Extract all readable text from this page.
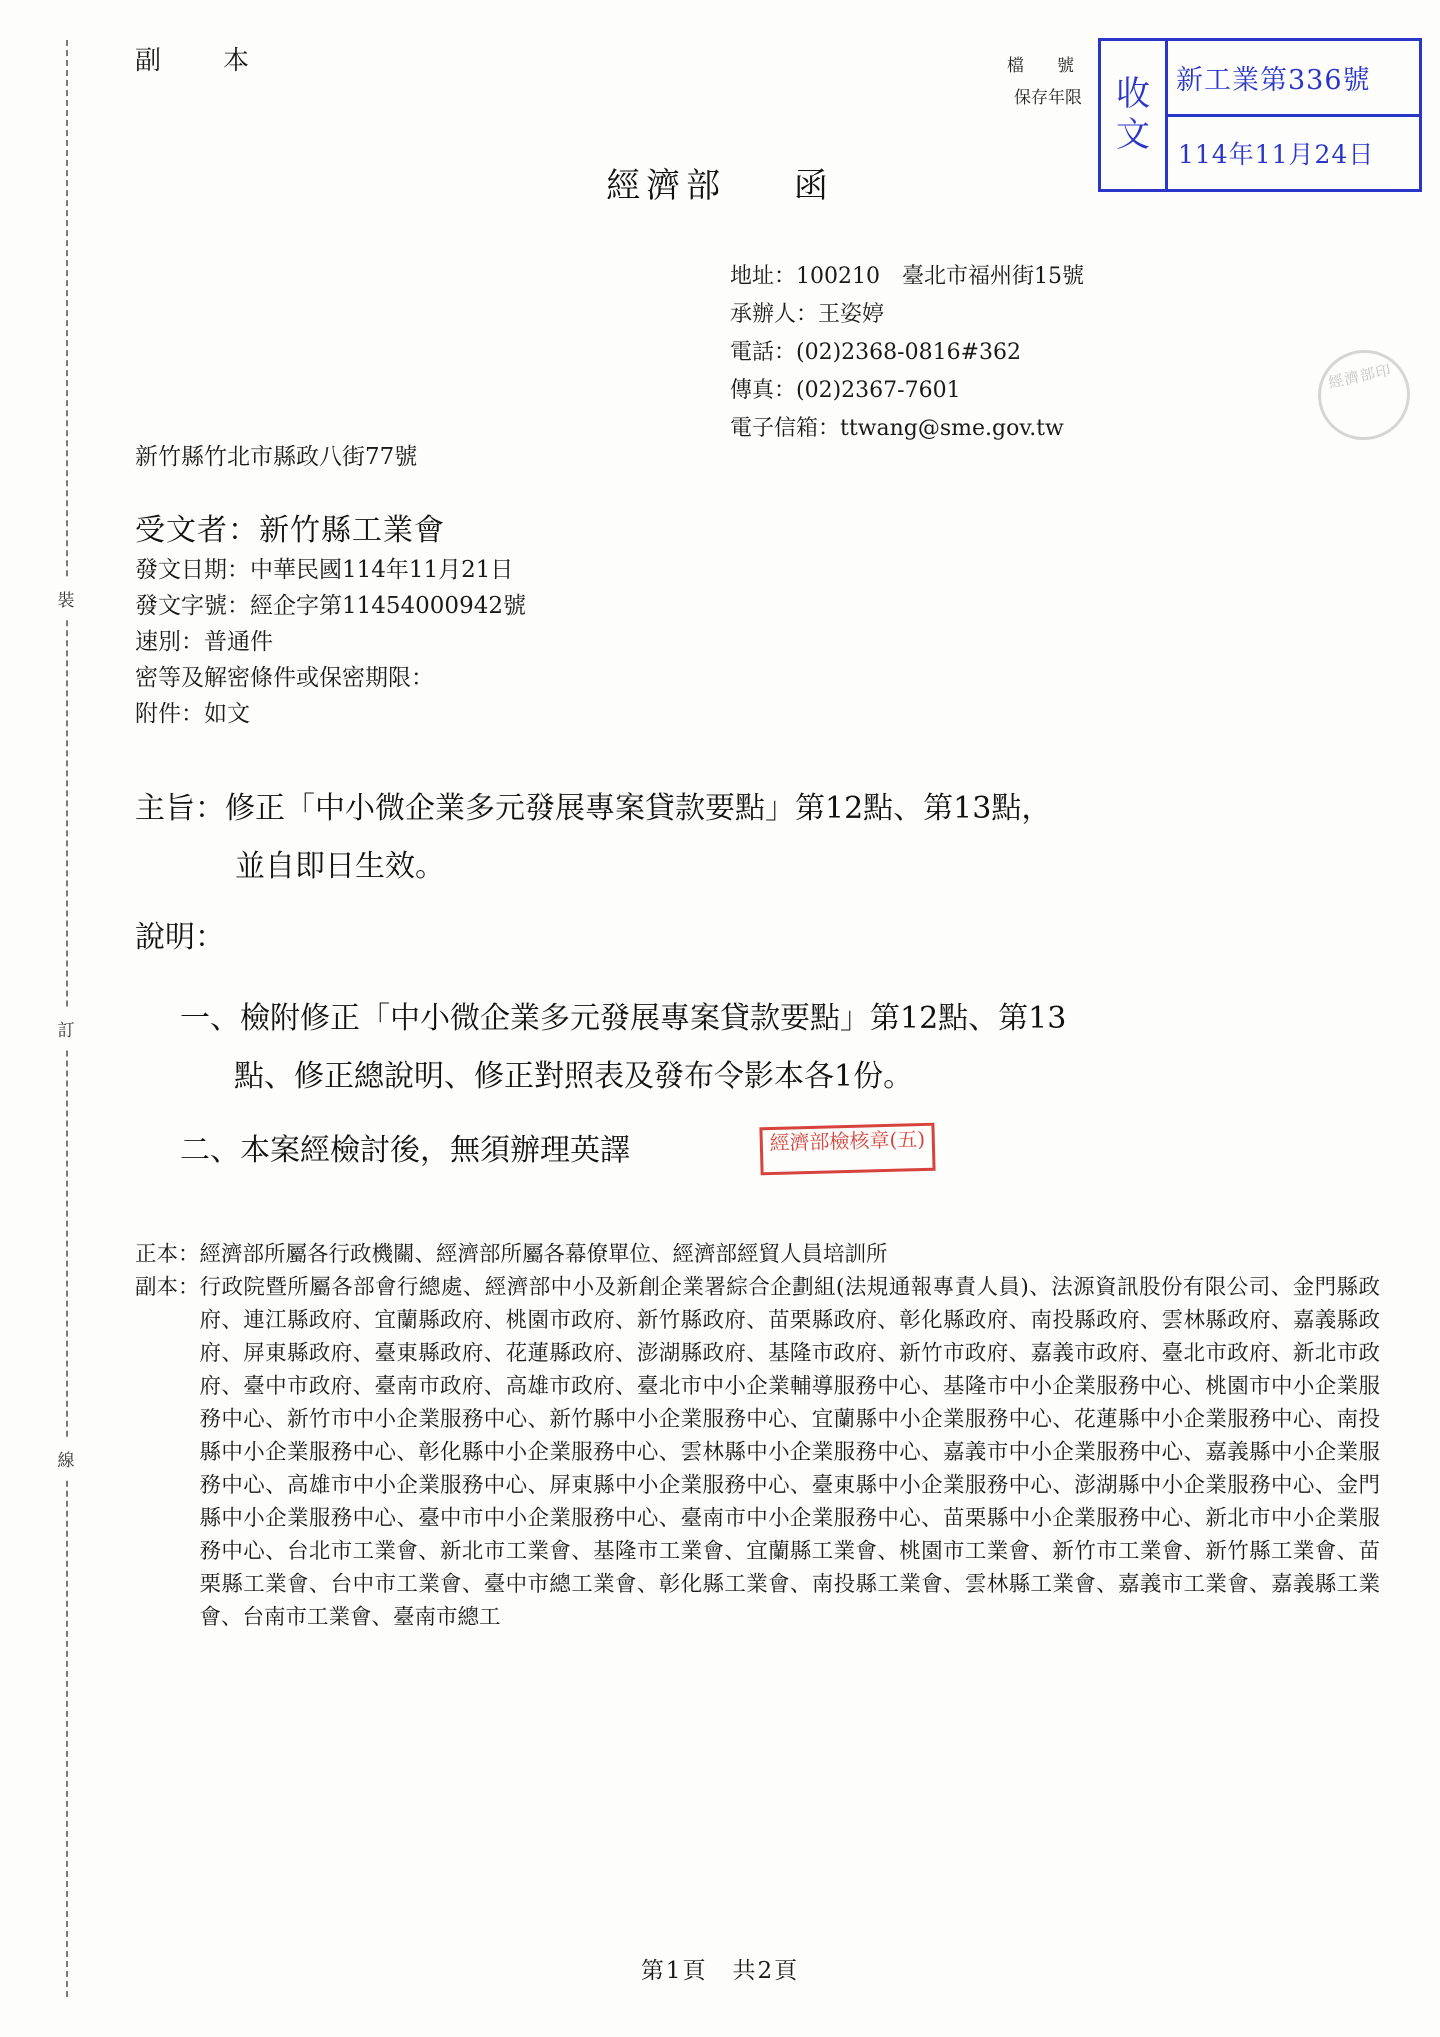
裝
訂
線
副　本
經濟部 函
檔　號
保存年限 收
文
新工業第336號
114年11月24日
地址：100210　臺北市福州街15號
承辦人：王姿婷
電話：(02)2368-0816#362
傳真：(02)2367-7601
電子信箱：ttwang@sme.gov.tw
經濟部印
新竹縣竹北市縣政八街77號
受文者：新竹縣工業會
發文日期：中華民國114年11月21日
發文字號：經企字第11454000942號
速別：普通件
密等及解密條件或保密期限：
附件：如文
主旨：修正「中小微企業多元發展專案貸款要點」第12點、第13點，
並自即日生效。
說明：
一、檢附修正「中小微企業多元發展專案貸款要點」第12點、第13
點、修正總說明、修正對照表及發布令影本各1份。
二、本案經檢討後，無須辦理英譯	經濟部檢核章(五)
正本： 經濟部所屬各行政機關、經濟部所屬各幕僚單位、經濟部經貿人員培訓所
副本： 行政院暨所屬各部會行總處、經濟部中小及新創企業署綜合企劃組(法規通報專責人員)、法源資訊股份有限公司、金門縣政府、連江縣政府、宜蘭縣政府、桃園市政府、新竹縣政府、苗栗縣政府、彰化縣政府、南投縣政府、雲林縣政府、嘉義縣政府、屏東縣政府、臺東縣政府、花蓮縣政府、澎湖縣政府、基隆市政府、新竹市政府、嘉義市政府、臺北市政府、新北市政府、臺中市政府、臺南市政府、高雄市政府、臺北市中小企業輔導服務中心、基隆市中小企業服務中心、桃園市中小企業服務中心、新竹市中小企業服務中心、新竹縣中小企業服務中心、宜蘭縣中小企業服務中心、花蓮縣中小企業服務中心、南投縣中小企業服務中心、彰化縣中小企業服務中心、雲林縣中小企業服務中心、嘉義市中小企業服務中心、嘉義縣中小企業服務中心、高雄市中小企業服務中心、屏東縣中小企業服務中心、臺東縣中小企業服務中心、澎湖縣中小企業服務中心、金門縣中小企業服務中心、臺中市中小企業服務中心、臺南市中小企業服務中心、苗栗縣中小企業服務中心、新北市中小企業服務中心、台北市工業會、新北市工業會、基隆市工業會、宜蘭縣工業會、桃園市工業會、新竹市工業會、新竹縣工業會、苗栗縣工業會、台中市工業會、臺中市總工業會、彰化縣工業會、南投縣工業會、雲林縣工業會、嘉義市工業會、嘉義縣工業會、台南市工業會、臺南市總工
第1頁　共2頁
